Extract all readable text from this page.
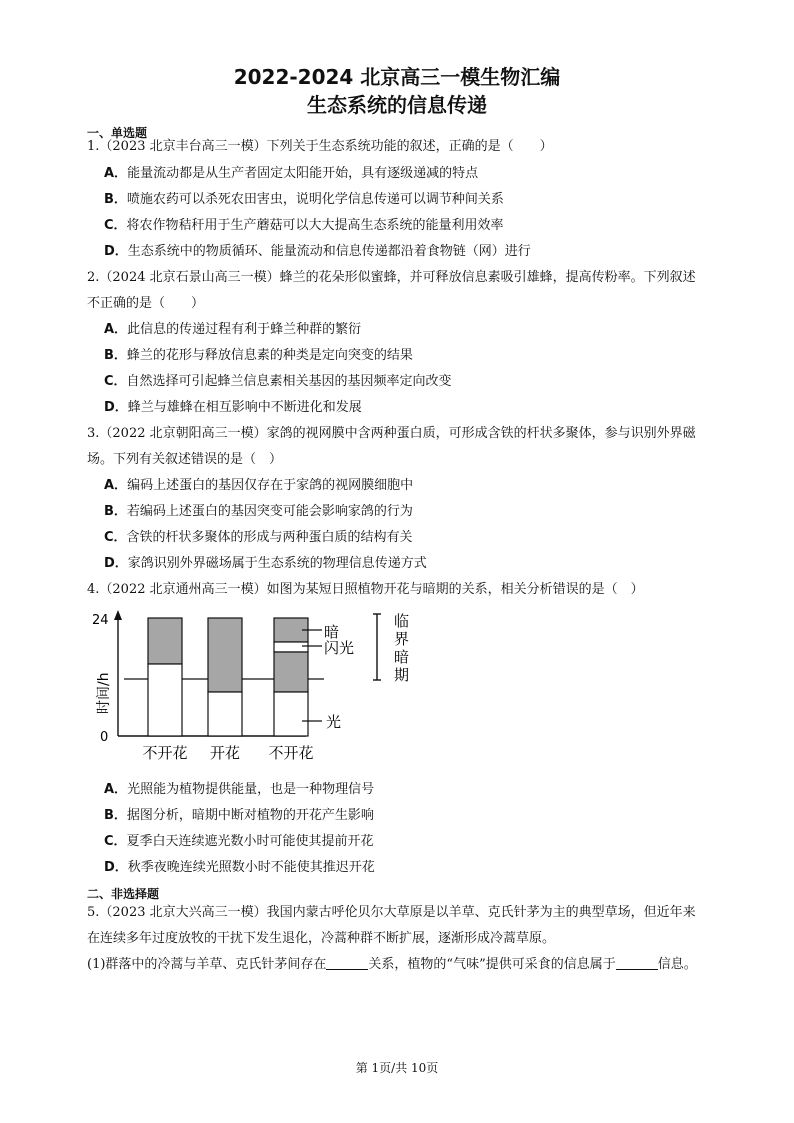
2022-2024 北京高三一模生物汇编
生态系统的信息传递
一、单选题
1.（2023 北京丰台高三一模）下列关于生态系统功能的叙述，正确的是（　　）
A．能量流动都是从生产者固定太阳能开始，具有逐级递减的特点
B．喷施农药可以杀死农田害虫，说明化学信息传递可以调节种间关系
C．将农作物秸秆用于生产蘑菇可以大大提高生态系统的能量利用效率
D．生态系统中的物质循环、能量流动和信息传递都沿着食物链（网）进行
2.（2024 北京石景山高三一模）蜂兰的花朵形似蜜蜂，并可释放信息素吸引雄蜂，提高传粉率。下列叙述
不正确的是（　　）
A．此信息的传递过程有利于蜂兰种群的繁衍
B．蜂兰的花形与释放信息素的种类是定向突变的结果
C．自然选择可引起蜂兰信息素相关基因的基因频率定向改变
D．蜂兰与雄蜂在相互影响中不断进化和发展
3.（2022 北京朝阳高三一模）家鸽的视网膜中含两种蛋白质，可形成含铁的杆状多聚体，参与识别外界磁
场。下列有关叙述错误的是（　）
A．编码上述蛋白的基因仅存在于家鸽的视网膜细胞中
B．若编码上述蛋白的基因突变可能会影响家鸽的行为
C．含铁的杆状多聚体的形成与两种蛋白质的结构有关
D．家鸽识别外界磁场属于生态系统的物理信息传递方式
4.（2022 北京通州高三一模）如图为某短日照植物开花与暗期的关系，相关分析错误的是（　）
24
0
时间/h
暗
闪光
光
临界暗期
不开花 开花 不开花
A．光照能为植物提供能量，也是一种物理信号
B．据图分析，暗期中断对植物的开花产生影响
C．夏季白天连续遮光数小时可能使其提前开花
D．秋季夜晚连续光照数小时不能使其推迟开花
二、非选择题
5.（2023 北京大兴高三一模）我国内蒙古呼伦贝尔大草原是以羊草、克氏针茅为主的典型草场，但近年来
在连续多年过度放牧的干扰下发生退化，冷蒿种群不断扩展，逐渐形成冷蒿草原。
(1)群落中的冷蒿与羊草、克氏针茅间存在	关系，植物的“气味”提供可采食的信息属于	信息。
第 1页/共 10页
